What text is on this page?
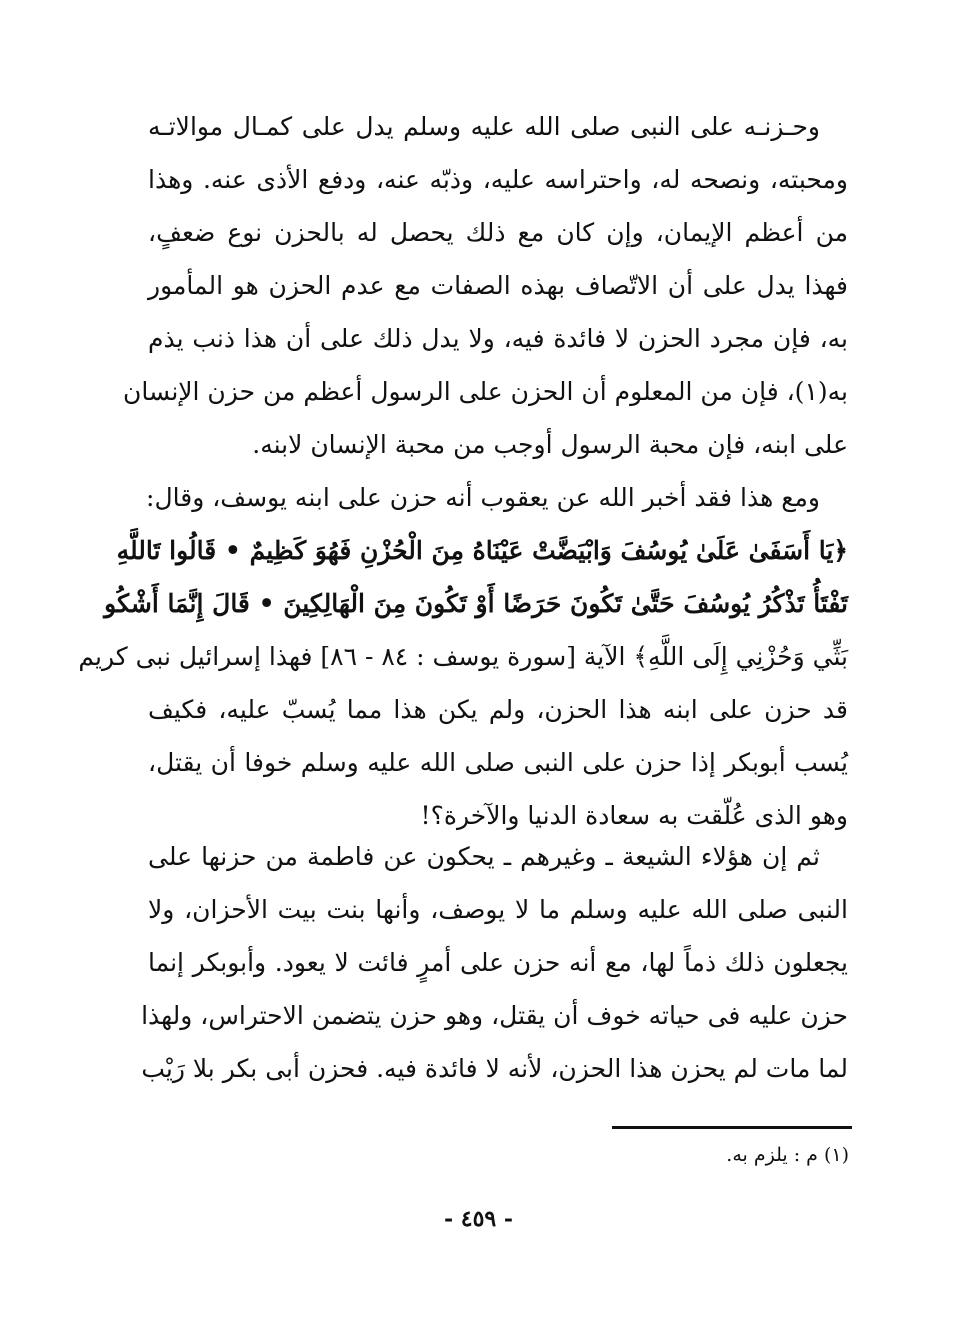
وحـزنـه على النبى صلى الله عليه وسلم يدل على كمـال موالاتـه
ومحبته، ونصحه له، واحتراسه عليه، وذبّه عنه، ودفع الأذى عنه. وهذا
من أعظم الإيمان، وإن كان مع ذلك يحصل له بالحزن نوع ضعفٍ،
فهذا يدل على أن الاتّصاف بهذه الصفات مع عدم الحزن هو المأمور
به، فإن مجرد الحزن لا فائدة فيه، ولا يدل ذلك على أن هذا ذنب يذم
به(١)، فإن من المعلوم أن الحزن على الرسول أعظم من حزن الإنسان
على ابنه، فإن محبة الرسول أوجب من محبة الإنسان لابنه.
ومع هذا فقد أخبر الله عن يعقوب أنه حزن على ابنه يوسف، وقال:
﴿يَا أَسَفَىٰ عَلَىٰ يُوسُفَ وَابْيَضَّتْ عَيْنَاهُ مِنَ الْحُزْنِ فَهُوَ كَظِيمٌ • قَالُوا تَاللَّهِ
تَفْتَأُ تَذْكُرُ يُوسُفَ حَتَّىٰ تَكُونَ حَرَضًا أَوْ تَكُونَ مِنَ الْهَالِكِينَ • قَالَ إِنَّمَا أَشْكُو
بَثِّي وَحُزْنِي إِلَى اللَّهِ﴾ الآية [سورة يوسف : ٨٤ - ٨٦] فهذا إسرائيل نبى كريم
قد حزن على ابنه هذا الحزن، ولم يكن هذا مما يُسبّ عليه، فكيف
يُسب أبوبكر إذا حزن على النبى صلى الله عليه وسلم خوفا أن يقتل،
وهو الذى عُلّقت به سعادة الدنيا والآخرة؟!
ثم إن هؤلاء الشيعة ـ وغيرهم ـ يحكون عن فاطمة من حزنها على
النبى صلى الله عليه وسلم ما لا يوصف، وأنها بنت بيت الأحزان، ولا
يجعلون ذلك ذماً لها، مع أنه حزن على أمرٍ فائت لا يعود. وأبوبكر إنما
حزن عليه فى حياته خوف أن يقتل، وهو حزن يتضمن الاحتراس، ولهذا
لما مات لم يحزن هذا الحزن، لأنه لا فائدة فيه. فحزن أبى بكر بلا رَيْب
(١) م : يلزم به.
- ٤٥٩ -
